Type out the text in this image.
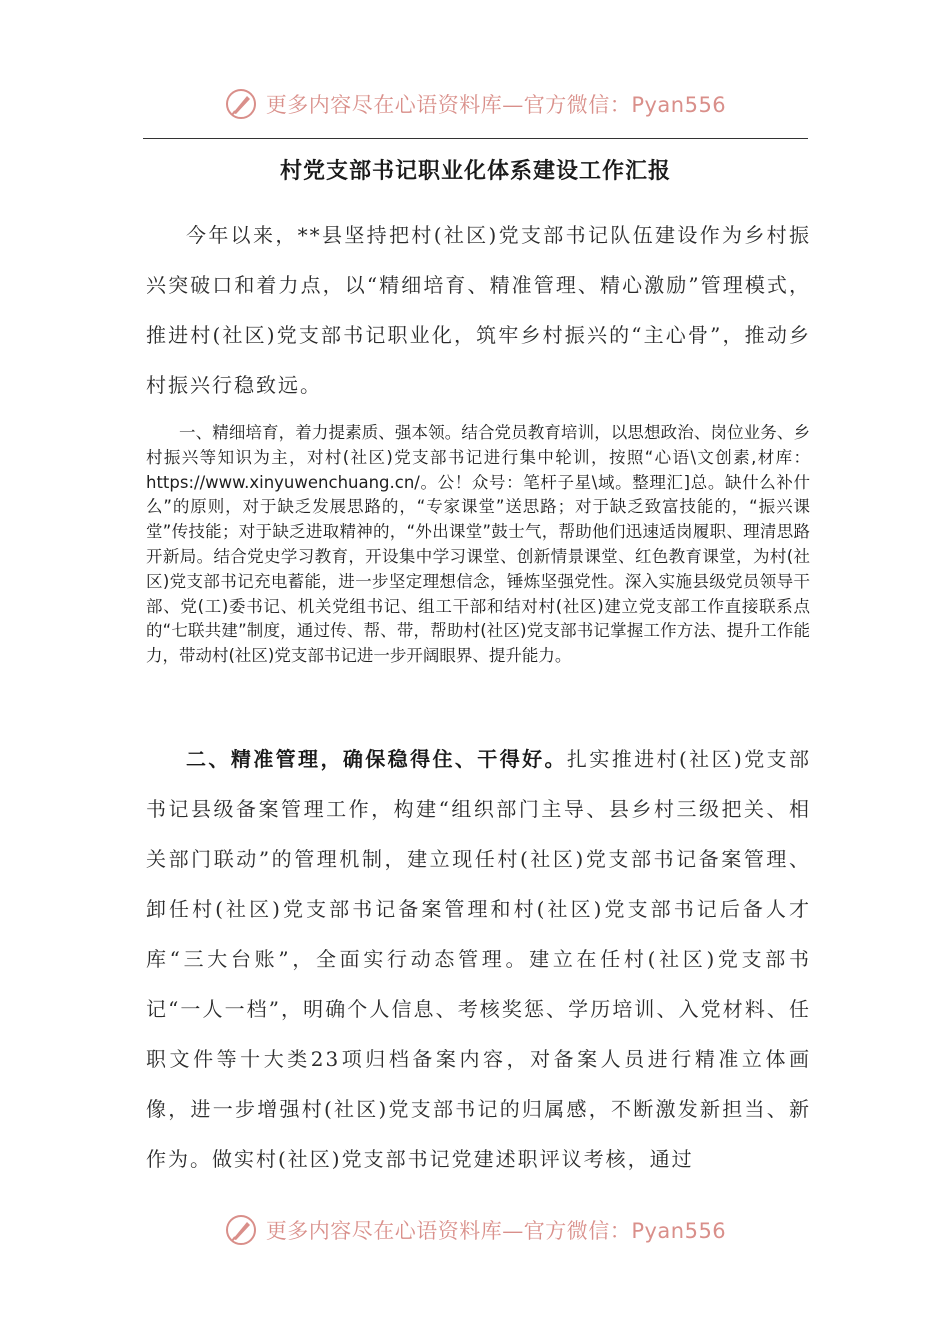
更多内容尽在心语资料库—官方微信：Pyan556
村党支部书记职业化体系建设工作汇报

今年以来，**县坚持把村(社区)党支部书记队伍建设作为乡村振兴突破口和着力点，以“精细培育、精准管理、精心激励”管理模式，推进村(社区)党支部书记职业化，筑牢乡村振兴的“主心骨”，推动乡村振兴行稳致远。

一、精细培育，着力提素质、强本领。结合党员教育培训，以思想政治、岗位业务、乡村振兴等知识为主，对村(社区)党支部书记进行集中轮训，按照“心语\文创素,材库：https://www.xinyuwenchuang.cn/。公！众号：笔杆子星\域。整理汇]总。缺什么补什么”的原则，对于缺乏发展思路的，“专家课堂”送思路；对于缺乏致富技能的，“振兴课堂”传技能；对于缺乏进取精神的，“外出课堂”鼓士气，帮助他们迅速适岗履职、理清思路开新局。结合党史学习教育，开设集中学习课堂、创新情景课堂、红色教育课堂，为村(社区)党支部书记充电蓄能，进一步坚定理想信念，锤炼坚强党性。深入实施县级党员领导干部、党(工)委书记、机关党组书记、组工干部和结对村(社区)建立党支部工作直接联系点的“七联共建”制度，通过传、帮、带，帮助村(社区)党支部书记掌握工作方法、提升工作能力，带动村(社区)党支部书记进一步开阔眼界、提升能力。

二、精准管理，确保稳得住、干得好。扎实推进村(社区)党支部书记县级备案管理工作，构建“组织部门主导、县乡村三级把关、相关部门联动”的管理机制，建立现任村(社区)党支部书记备案管理、卸任村(社区)党支部书记备案管理和村(社区)党支部书记后备人才库“三大台账”，全面实行动态管理。建立在任村(社区)党支部书记“一人一档”，明确个人信息、考核奖惩、学历培训、入党材料、任职文件等十大类23项归档备案内容，对备案人员进行精准立体画像，进一步增强村(社区)党支部书记的归属感，不断激发新担当、新作为。做实村(社区)党支部书记党建述职评议考核，通过

更多内容尽在心语资料库—官方微信：Pyan556
